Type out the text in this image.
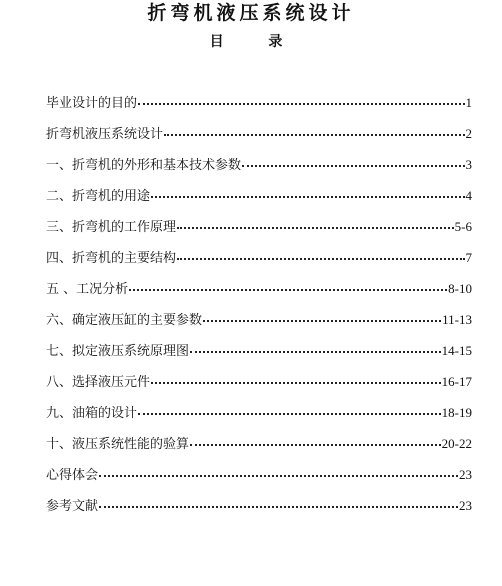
折弯机液压系统设计
目 录
毕业设计的目的	1
折弯机液压系统设计	2
一、折弯机的外形和基本技术参数	3
二、折弯机的用途	4
三、折弯机的工作原理	5-6
四、折弯机的主要结构	7
五 、工况分析	8-10
六、确定液压缸的主要参数	11-13
七、拟定液压系统原理图	14-15
八、选择液压元件	16-17
九、油箱的设计	18-19
十、液压系统性能的验算	20-22
心得体会	23
参考文献	23
